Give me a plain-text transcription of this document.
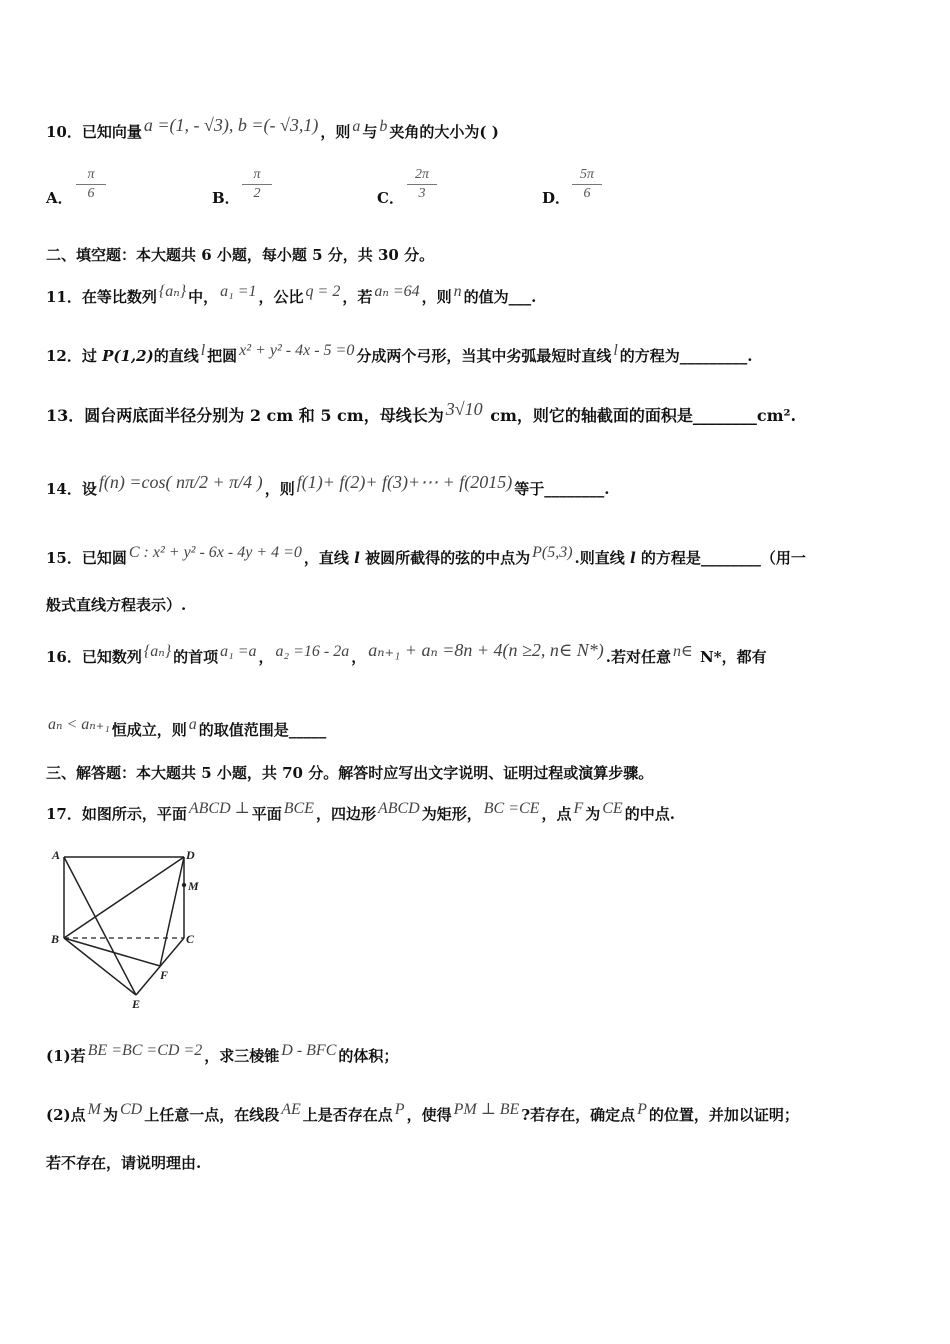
10．已知向量 a =(1, - √3), b =(- √3,1) ，则 a 与 b 夹角的大小为( )
A． $\frac{\pi}{6}$	B． $\frac{\pi}{2}$	C． $\frac{2\pi}{3}$	D． $\frac{5\pi}{6}$
二、填空题：本大题共 6 小题，每小题 5 分，共 30 分。
11．在等比数列 {aₙ} 中， a₁ =1 ，公比 q = 2 ，若 aₙ =64 ，则 n 的值为___.
12．过 P(1,2)的直线 l 把圆 x² + y² - 4x - 5 =0 分成两个弓形，当其中劣弧最短时直线 l 的方程为_________.
13．圆台两底面半径分别为 2 cm 和 5 cm，母线长为 3√10 cm，则它的轴截面的面积是________cm².
14．设 f(n) =cos( nπ/2 + π/4 ) ，则 f(1)+ f(2)+ f(3)+⋯ + f(2015) 等于________.
15．已知圆 C : x² + y² - 6x - 4y + 4 =0 ，直线 l 被圆所截得的弦的中点为 P(5,3) .则直线 l 的方程是________（用一
般式直线方程表示）.
16．已知数列 {aₙ} 的首项 a₁ =a ， a₂ =16 - 2a ， aₙ₊₁ + aₙ =8n + 4(n ≥2, n∈ N*) .若对任意 n∈ N*，都有
aₙ < aₙ₊₁ 恒成立，则 a 的取值范围是_____
三、解答题：本大题共 5 小题，共 70 分。解答时应写出文字说明、证明过程或演算步骤。
17．如图所示，平面 ABCD ⊥ 平面 BCE ，四边形 ABCD 为矩形， BC =CE ，点 F 为 CE 的中点.
A	D
M
B	C
F
E
(1)若 BE =BC =CD =2 ，求三棱锥 D - BFC 的体积；
(2)点 M 为 CD 上任意一点，在线段 AE 上是否存在点 P ，使得 PM ⊥ BE ?若存在，确定点 P 的位置，并加以证明；
若不存在，请说明理由.
